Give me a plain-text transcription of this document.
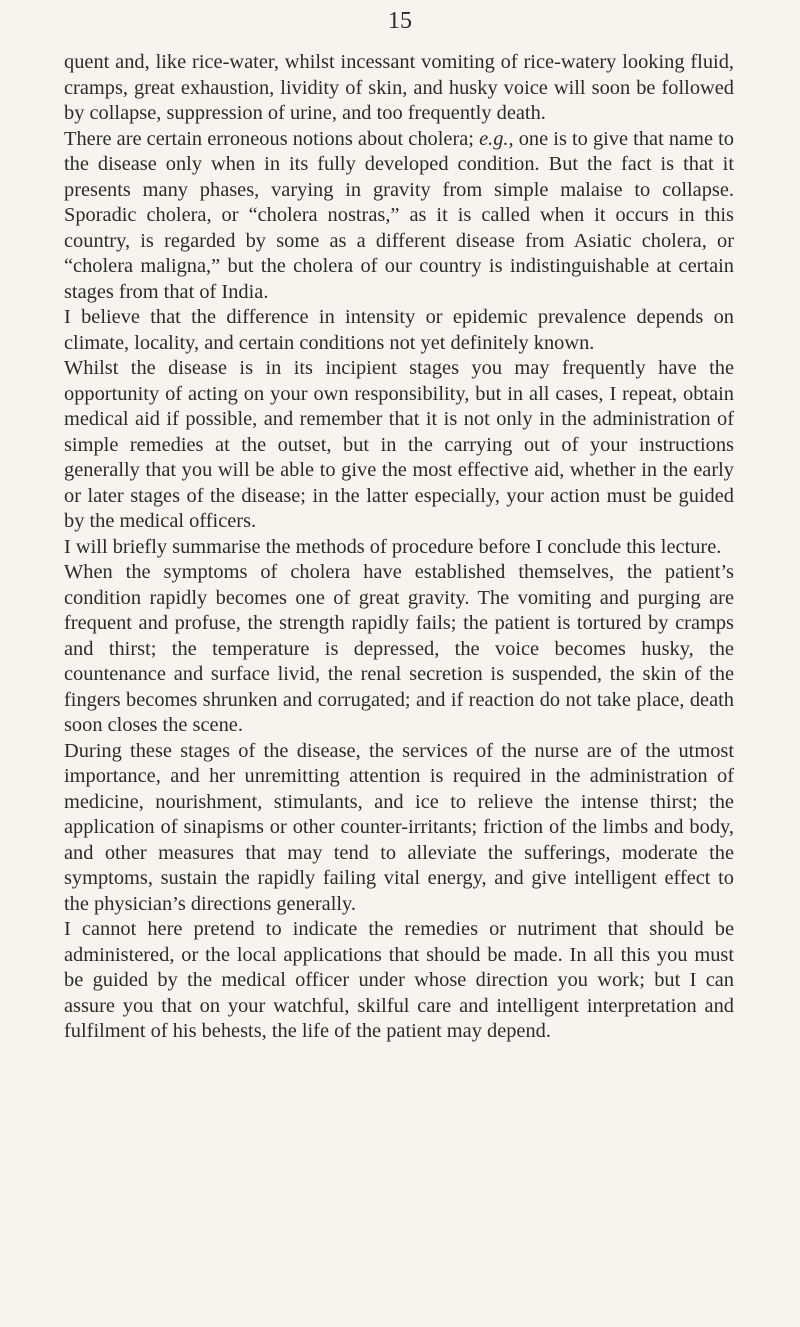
15

quent and, like rice-water, whilst incessant vomiting of rice-watery looking fluid, cramps, great exhaustion, lividity of skin, and husky voice will soon be followed by collapse, suppression of urine, and too frequently death.

There are certain erroneous notions about cholera; e.g., one is to give that name to the disease only when in its fully developed condition. But the fact is that it presents many phases, varying in gravity from simple malaise to collapse. Sporadic cholera, or “cholera nostras,” as it is called when it occurs in this country, is regarded by some as a different disease from Asiatic cholera, or “cholera maligna,” but the cholera of our country is indistinguishable at certain stages from that of India.

I believe that the difference in intensity or epidemic prevalence depends on climate, locality, and certain conditions not yet definitely known.

Whilst the disease is in its incipient stages you may frequently have the opportunity of acting on your own responsibility, but in all cases, I repeat, obtain medical aid if possible, and remember that it is not only in the administration of simple remedies at the outset, but in the carrying out of your instructions generally that you will be able to give the most effective aid, whether in the early or later stages of the disease; in the latter especially, your action must be guided by the medical officers.

I will briefly summarise the methods of procedure before I conclude this lecture.

When the symptoms of cholera have established themselves, the patient’s condition rapidly becomes one of great gravity. The vomiting and purging are frequent and profuse, the strength rapidly fails; the patient is tortured by cramps and thirst; the temperature is depressed, the voice becomes husky, the countenance and surface livid, the renal secretion is suspended, the skin of the fingers becomes shrunken and corrugated; and if reaction do not take place, death soon closes the scene.

During these stages of the disease, the services of the nurse are of the utmost importance, and her unremitting attention is required in the administration of medicine, nourishment, stimulants, and ice to relieve the intense thirst; the application of sinapisms or other counter-irritants; friction of the limbs and body, and other measures that may tend to alleviate the sufferings, moderate the symptoms, sustain the rapidly failing vital energy, and give intelligent effect to the physician’s directions generally.

I cannot here pretend to indicate the remedies or nutriment that should be administered, or the local applications that should be made. In all this you must be guided by the medical officer under whose direction you work; but I can assure you that on your watchful, skilful care and intelligent interpretation and fulfilment of his behests, the life of the patient may depend.
